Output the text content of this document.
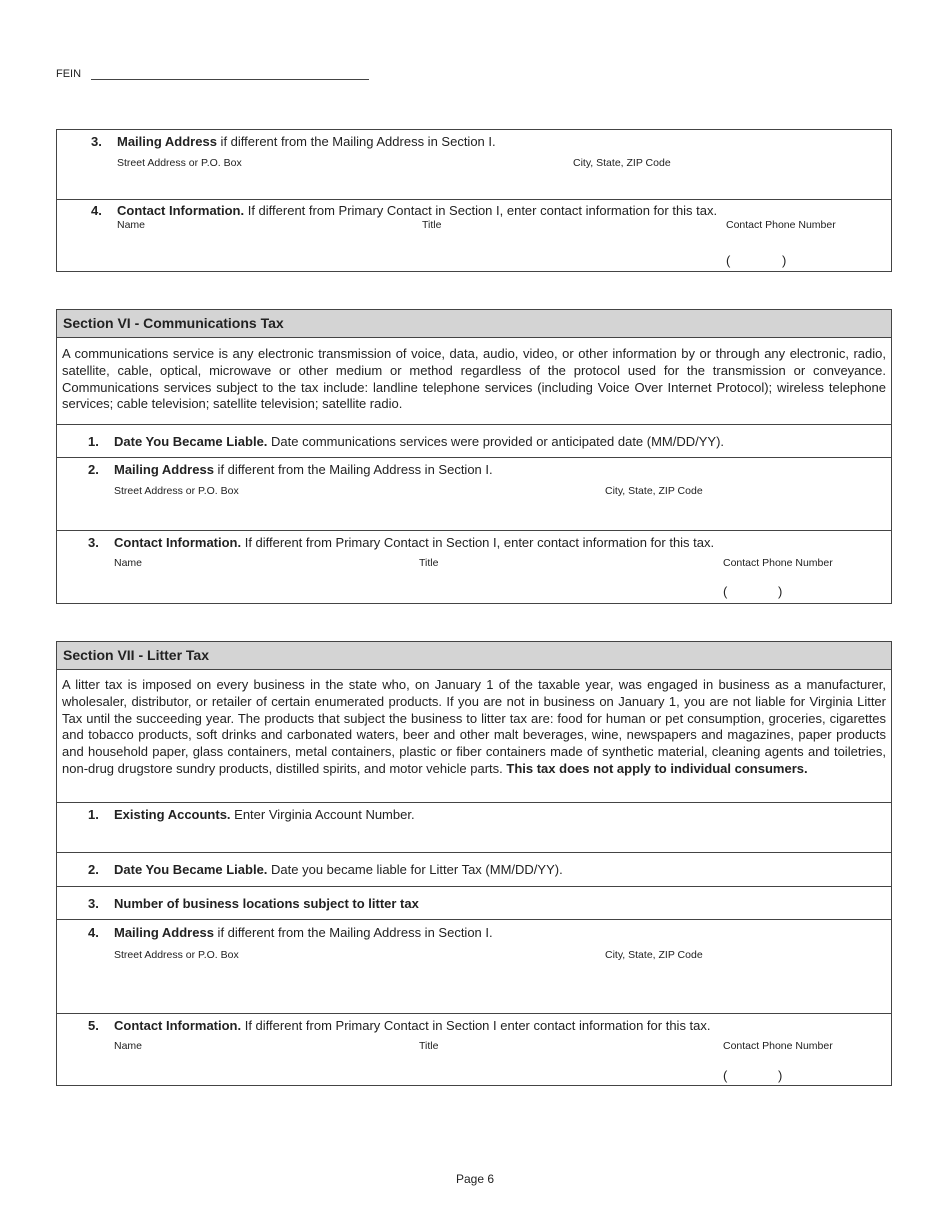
FEIN
3. Mailing Address if different from the Mailing Address in Section I.
Street Address or P.O. Box	City, State, ZIP Code
4. Contact Information. If different from Primary Contact in Section I, enter contact information for this tax.
Name	Title	Contact Phone Number
(	)
Section VI - Communications Tax
A communications service is any electronic transmission of voice, data, audio, video, or other information by or through any electronic, radio, satellite, cable, optical, microwave or other medium or method regardless of the protocol used for the transmission or conveyance. Communications services subject to the tax include: landline telephone services (including Voice Over Internet Protocol); wireless telephone services; cable television; satellite television; satellite radio.
1. Date You Became Liable. Date communications services were provided or anticipated date (MM/DD/YY).
2. Mailing Address if different from the Mailing Address in Section I.
Street Address or P.O. Box	City, State, ZIP Code
3. Contact Information. If different from Primary Contact in Section I, enter contact information for this tax.
Name	Title	Contact Phone Number
(	)
Section VII - Litter Tax
A litter tax is imposed on every business in the state who, on January 1 of the taxable year, was engaged in business as a manufacturer, wholesaler, distributor, or retailer of certain enumerated products. If you are not in business on January 1, you are not liable for Virginia Litter Tax until the succeeding year. The products that subject the business to litter tax are: food for human or pet consumption, groceries, cigarettes and tobacco products, soft drinks and carbonated waters, beer and other malt beverages, wine, newspapers and magazines, paper products and household paper, glass containers, metal containers, plastic or fiber containers made of synthetic material, cleaning agents and toiletries, non-drug drugstore sundry products, distilled spirits, and motor vehicle parts. This tax does not apply to individual consumers.
1. Existing Accounts. Enter Virginia Account Number.
2. Date You Became Liable. Date you became liable for Litter Tax (MM/DD/YY).
3. Number of business locations subject to litter tax
4. Mailing Address if different from the Mailing Address in Section I.
Street Address or P.O. Box	City, State, ZIP Code
5. Contact Information. If different from Primary Contact in Section I enter contact information for this tax.
Name	Title	Contact Phone Number
(	)
Page 6
